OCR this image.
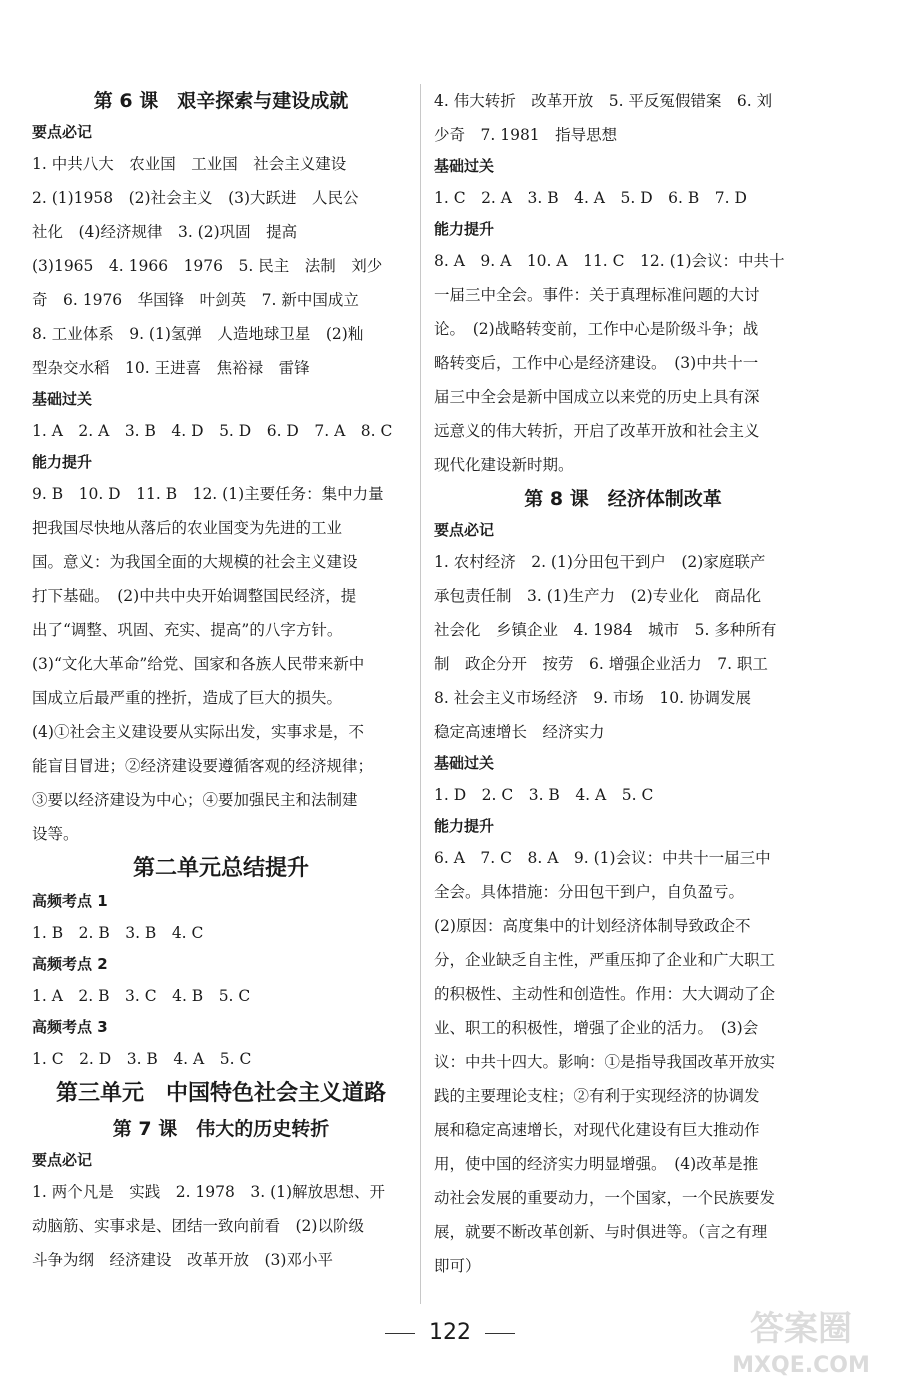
第 6 课　艰辛探索与建设成就
要点必记
1. 中共八大　农业国　工业国　社会主义建设
2. (1)1958　(2)社会主义　(3)大跃进　人民公
社化　(4)经济规律　3. (2)巩固　提高
(3)1965　4. 1966　1976　5. 民主　法制　刘少
奇　6. 1976　华国锋　叶剑英　7. 新中国成立
8. 工业体系　9. (1)氢弹　人造地球卫星　(2)籼
型杂交水稻　10. 王进喜　焦裕禄　雷锋
基础过关
1. A　2. A　3. B　4. D　5. D　6. D　7. A　8. C
能力提升
9. B　10. D　11. B　12. (1)主要任务：集中力量
把我国尽快地从落后的农业国变为先进的工业
国。意义：为我国全面的大规模的社会主义建设
打下基础。　(2)中共中央开始调整国民经济，提
出了“调整、巩固、充实、提高”的八字方针。
(3)“文化大革命”给党、国家和各族人民带来新中
国成立后最严重的挫折，造成了巨大的损失。
(4)①社会主义建设要从实际出发，实事求是，不
能盲目冒进；②经济建设要遵循客观的经济规律；
③要以经济建设为中心；④要加强民主和法制建
设等。
第二单元总结提升
高频考点 1
1. B　2. B　3. B　4. C
高频考点 2
1. A　2. B　3. C　4. B　5. C
高频考点 3
1. C　2. D　3. B　4. A　5. C
第三单元　中国特色社会主义道路
第 7 课　伟大的历史转折
要点必记
1. 两个凡是　实践　2. 1978　3. (1)解放思想、开
动脑筋、实事求是、团结一致向前看　(2)以阶级
斗争为纲　经济建设　改革开放　(3)邓小平
4. 伟大转折　改革开放　5. 平反冤假错案　6. 刘
少奇　7. 1981　指导思想
基础过关
1. C　2. A　3. B　4. A　5. D　6. B　7. D
能力提升
8. A　9. A　10. A　11. C　12. (1)会议：中共十
一届三中全会。事件：关于真理标准问题的大讨
论。　(2)战略转变前，工作中心是阶级斗争；战
略转变后，工作中心是经济建设。　(3)中共十一
届三中全会是新中国成立以来党的历史上具有深
远意义的伟大转折，开启了改革开放和社会主义
现代化建设新时期。
第 8 课　经济体制改革
要点必记
1. 农村经济　2. (1)分田包干到户　(2)家庭联产
承包责任制　3. (1)生产力　(2)专业化　商品化
社会化　乡镇企业　4. 1984　城市　5. 多种所有
制　政企分开　按劳　6. 增强企业活力　7. 职工
8. 社会主义市场经济　9. 市场　10. 协调发展
稳定高速增长　经济实力
基础过关
1. D　2. C　3. B　4. A　5. C
能力提升
6. A　7. C　8. A　9. (1)会议：中共十一届三中
全会。具体措施：分田包干到户，自负盈亏。
(2)原因：高度集中的计划经济体制导致政企不
分，企业缺乏自主性，严重压抑了企业和广大职工
的积极性、主动性和创造性。作用：大大调动了企
业、职工的积极性，增强了企业的活力。　(3)会
议：中共十四大。影响：①是指导我国改革开放实
践的主要理论支柱；②有利于实现经济的协调发
展和稳定高速增长，对现代化建设有巨大推动作
用，使中国的经济实力明显增强。　(4)改革是推
动社会发展的重要动力，一个国家，一个民族要发
展，就要不断改革创新、与时俱进等。（言之有理
即可）
122	答案圈
MXQE.COM
